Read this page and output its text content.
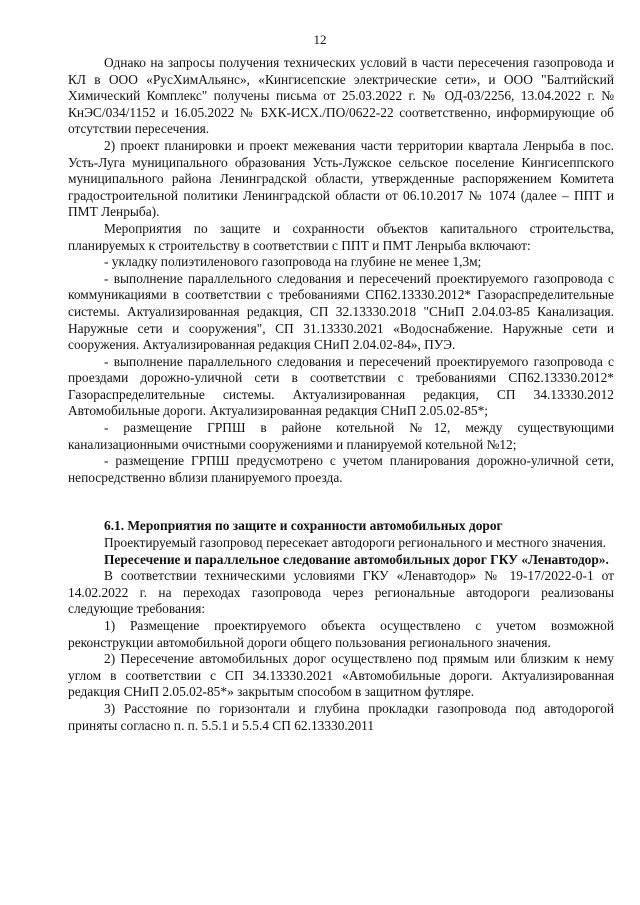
12

Однако на запросы получения технических условий в части пересечения газопровода и КЛ в ООО «РусХимАльянс», «Кингисепские электрические сети», и ООО "Балтийский Химический Комплекс" получены письма от 25.03.2022 г. № ОД-03/2256, 13.04.2022 г. № КнЭС/034/1152 и 16.05.2022 № БХК-ИСХ./ПО/0622-22 соответственно, информирующие об отсутствии пересечения.

2) проект планировки и проект межевания части территории квартала Ленрыба в пос. Усть-Луга муниципального образования Усть-Лужское сельское поселение Кингисеппского муниципального района Ленинградской области, утвержденные распоряжением Комитета градостроительной политики Ленинградской области от 06.10.2017 № 1074 (далее – ППТ и ПМТ Ленрыба).

Мероприятия по защите и сохранности объектов капитального строительства, планируемых к строительству в соответствии с ППТ и ПМТ Ленрыба включают:

- укладку полиэтиленового газопровода на глубине не менее 1,3м;

- выполнение параллельного следования и пересечений проектируемого газопровода с коммуникациями в соответствии с требованиями СП62.13330.2012* Газораспределительные системы. Актуализированная редакция, СП 32.13330.2018 "СНиП 2.04.03-85 Канализация. Наружные сети и сооружения", СП 31.13330.2021 «Водоснабжение. Наружные сети и сооружения. Актуализированная редакция СНиП 2.04.02-84», ПУЭ.

- выполнение параллельного следования и пересечений проектируемого газопровода с проездами дорожно-уличной сети в соответствии с требованиями СП62.13330.2012* Газораспределительные системы. Актуализированная редакция, СП 34.13330.2012 Автомобильные дороги. Актуализированная редакция СНиП 2.05.02-85*;

- размещение ГРПШ в районе котельной №12, между существующими канализационными очистными сооружениями и планируемой котельной №12;

- размещение ГРПШ предусмотрено с учетом планирования дорожно-уличной сети, непосредственно вблизи планируемого проезда.

6.1. Мероприятия по защите и сохранности автомобильных дорог

Проектируемый газопровод пересекает автодороги регионального и местного значения.

Пересечение и параллельное следование автомобильных дорог ГКУ «Ленавтодор».

В соответствии техническими условиями ГКУ «Ленавтодор» № 19-17/2022-0-1 от 14.02.2022 г. на переходах газопровода через региональные автодороги реализованы следующие требования:

1) Размещение проектируемого объекта осуществлено с учетом возможной реконструкции автомобильной дороги общего пользования регионального значения.

2) Пересечение автомобильных дорог осуществлено под прямым или близким к нему углом в соответствии с СП 34.13330.2021 «Автомобильные дороги. Актуализированная редакция СНиП 2.05.02-85*» закрытым способом в защитном футляре.

3) Расстояние по горизонтали и глубина прокладки газопровода под автодорогой приняты согласно п. п. 5.5.1 и 5.5.4 СП 62.13330.2011
